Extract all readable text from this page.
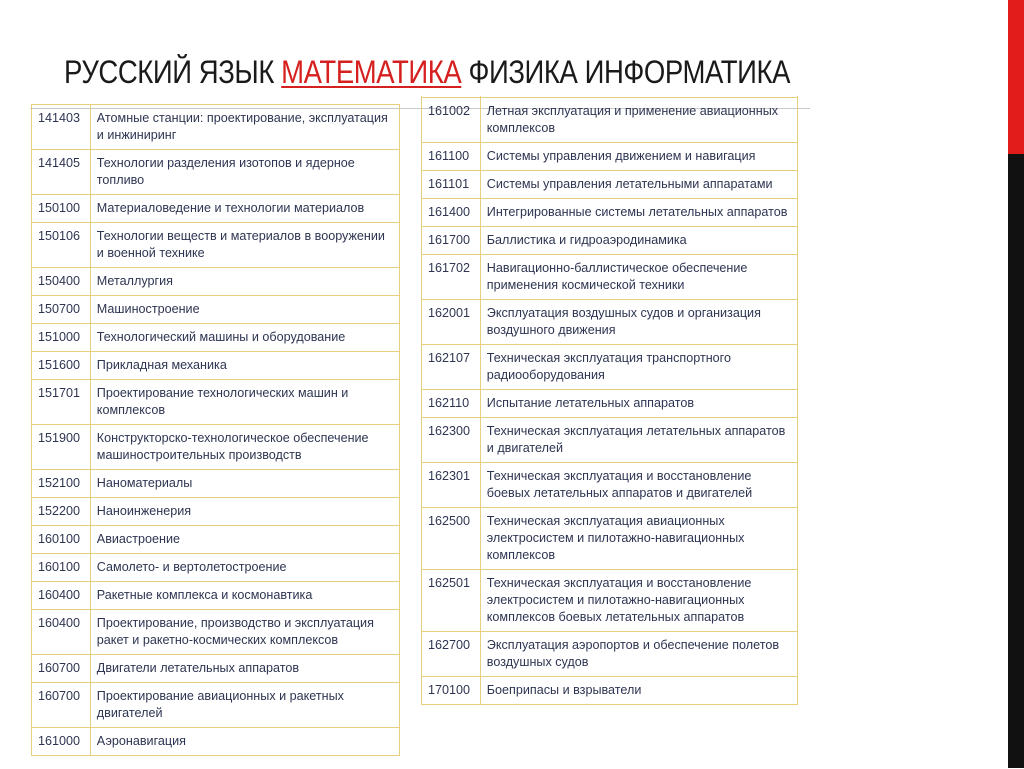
РУССКИЙ ЯЗЫК МАТЕМАТИКА ФИЗИКА ИНФОРМАТИКА
141403	Атомные станции: проектирование, эксплуатация и инжиниринг
141405	Технологии разделения изотопов и ядерное топливо
150100	Материаловедение и технологии материалов
150106	Технологии веществ и материалов в вооружении и военной технике
150400	Металлургия
150700	Машиностроение
151000	Технологический машины и оборудование
151600	Прикладная механика
151701	Проектирование технологических машин и комплексов
151900	Конструкторско-технологическое обеспечение машиностроительных производств
152100	Наноматериалы
152200	Наноинженерия
160100	Авиастроение
160100	Самолето- и вертолетостроение
160400	Ракетные комплекса и космонавтика
160400	Проектирование, производство и эксплуатация ракет и ракетно-космических комплексов
160700	Двигатели летательных аппаратов
160700	Проектирование авиационных и ракетных двигателей
161000	Аэронавигация

161002	Летная эксплуатация и применение авиационных комплексов
161100	Системы управления движением и навигация
161101	Системы управления летательными аппаратами
161400	Интегрированные системы летательных аппаратов
161700	Баллистика и гидроаэродинамика
161702	Навигационно-баллистическое обеспечение применения космической техники
162001	Эксплуатация воздушных судов и организация воздушного движения
162107	Техническая эксплуатация транспортного радиооборудования
162110	Испытание летательных аппаратов
162300	Техническая эксплуатация летательных аппаратов и двигателей
162301	Техническая эксплуатация и восстановление боевых летательных аппаратов и двигателей
162500	Техническая эксплуатация авиационных электросистем и пилотажно-навигационных комплексов
162501	Техническая эксплуатация и восстановление электросистем и пилотажно-навигационных комплексов боевых летательных аппаратов
162700	Эксплуатация аэропортов и обеспечение полетов воздушных судов
170100	Боеприпасы и взрыватели
